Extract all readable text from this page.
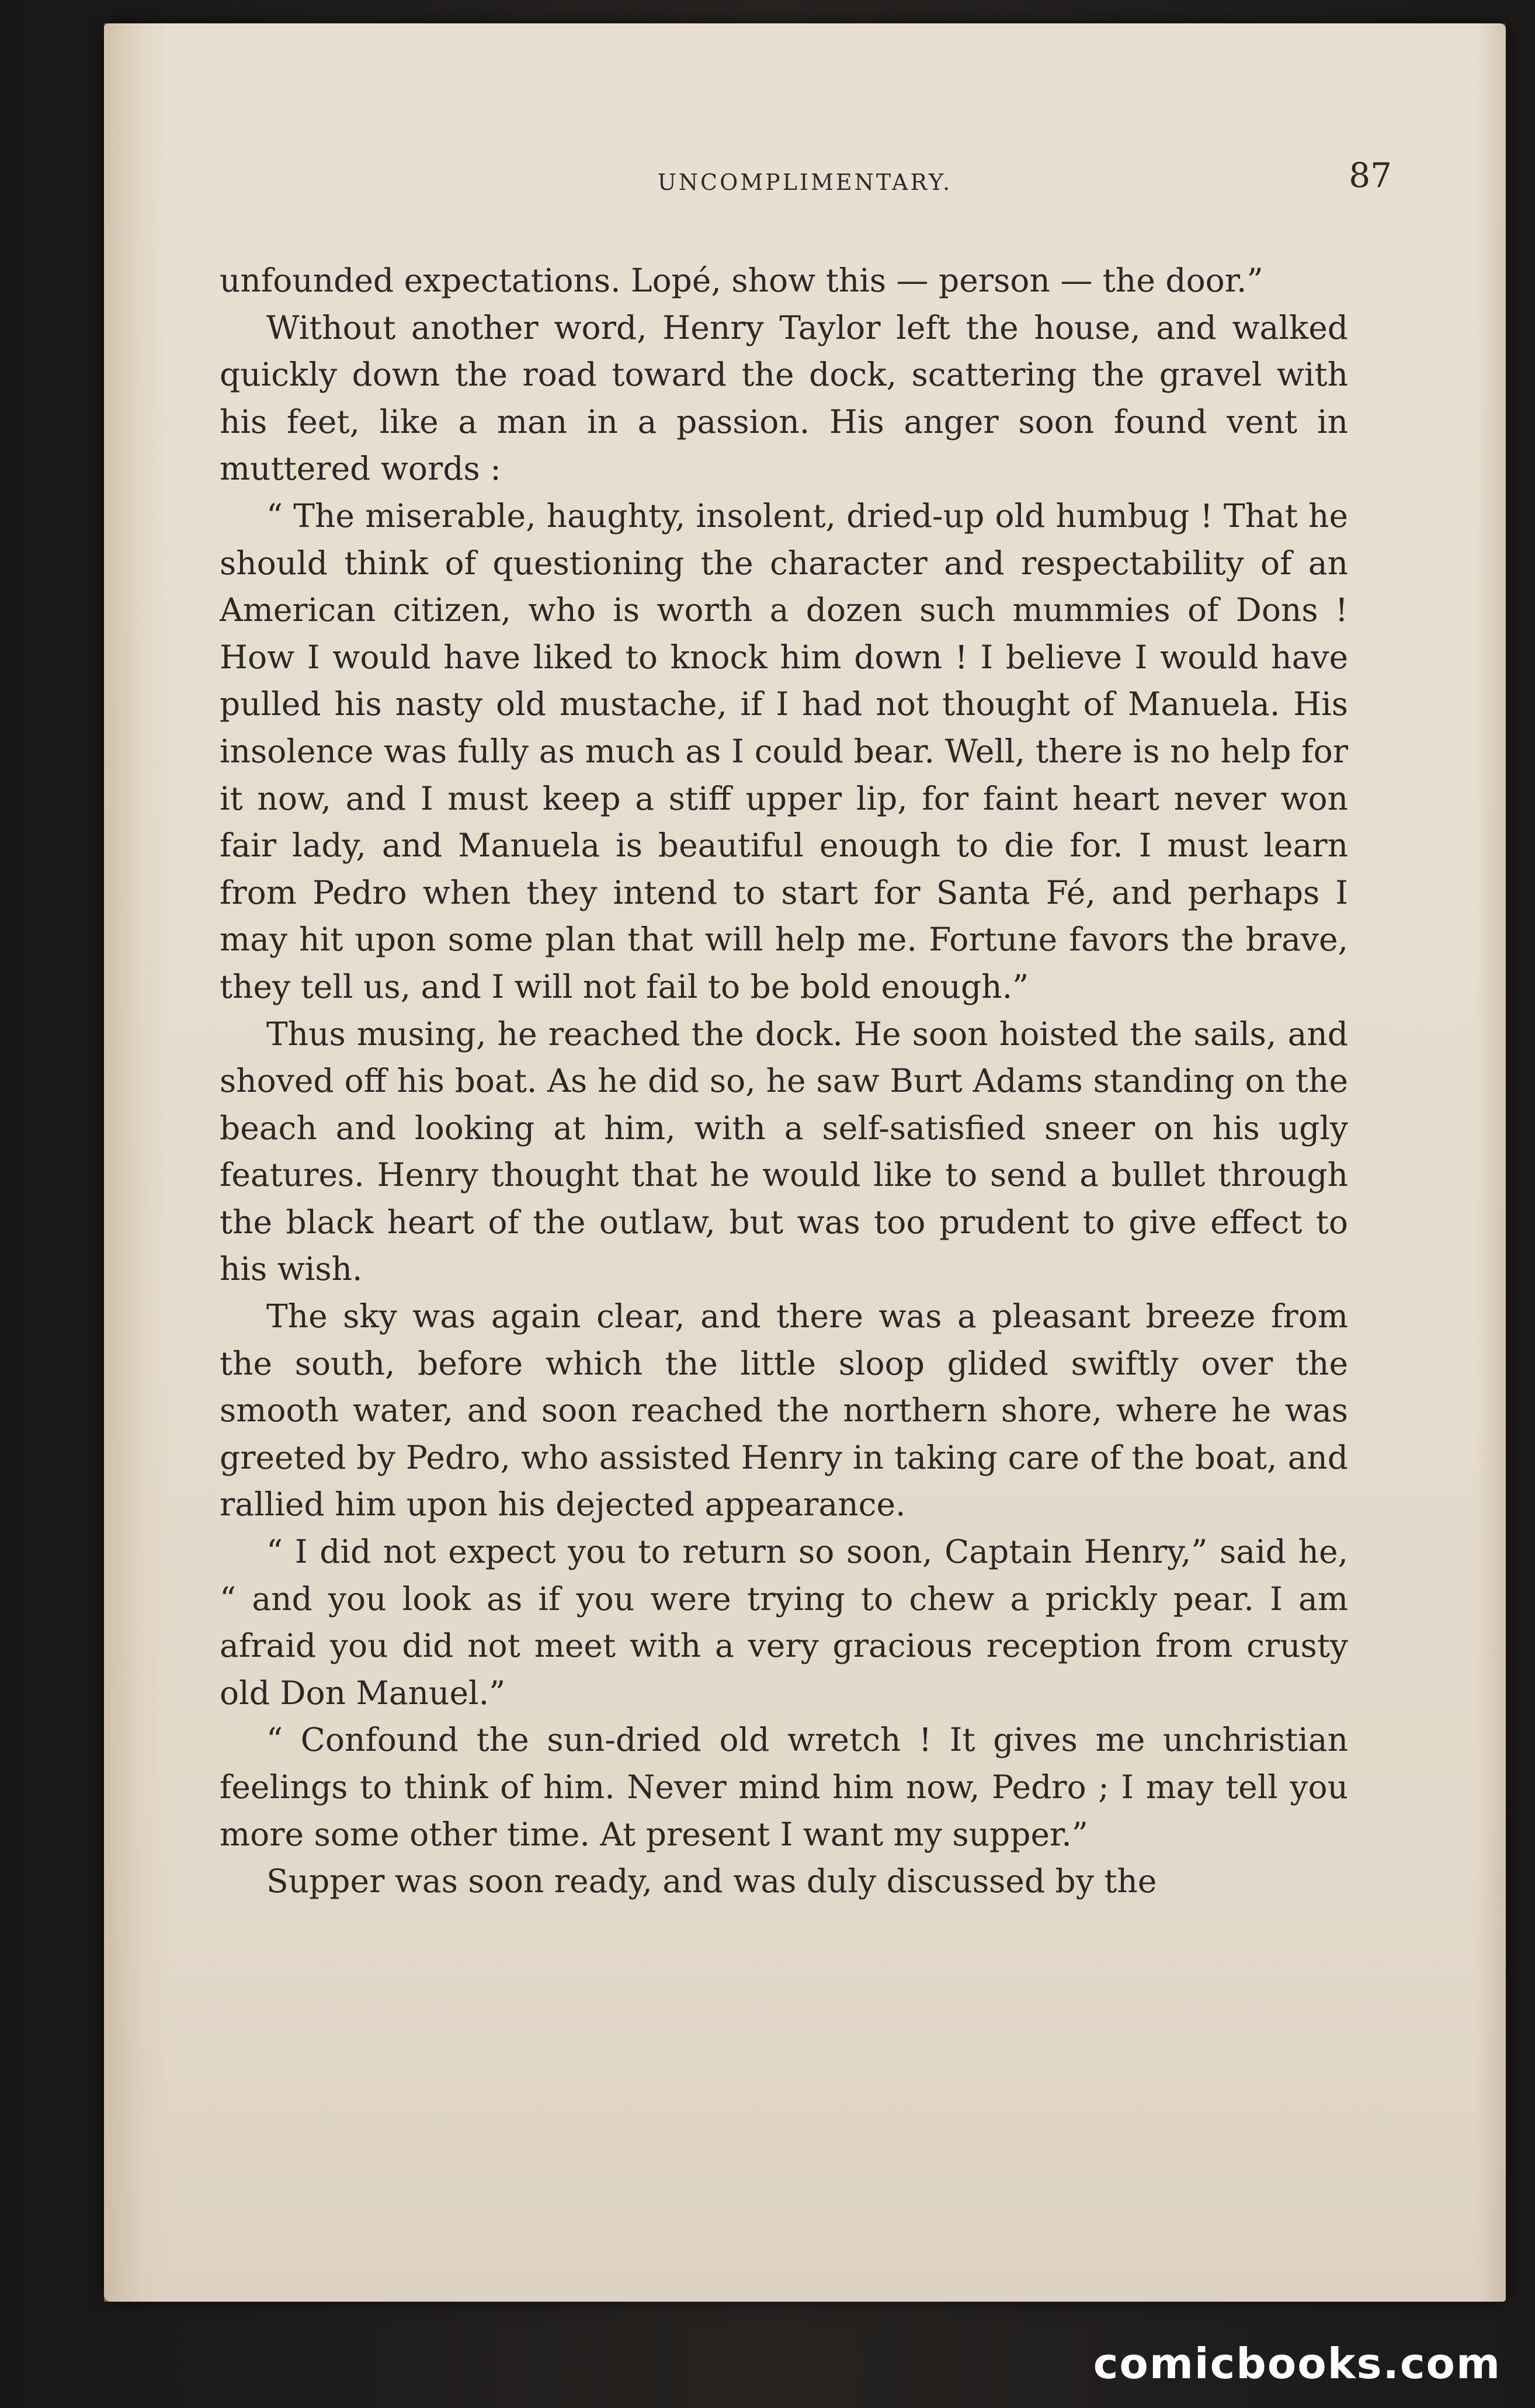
UNCOMPLIMENTARY.	87

unfounded expectations. Lopé, show this — person — the door.”

Without another word, Henry Taylor left the house, and walked quickly down the road toward the dock, scattering the gravel with his feet, like a man in a passion. His anger soon found vent in muttered words :

“ The miserable, haughty, insolent, dried-up old humbug ! That he should think of questioning the character and respectability of an American citizen, who is worth a dozen such mummies of Dons ! How I would have liked to knock him down ! I believe I would have pulled his nasty old mustache, if I had not thought of Manuela. His insolence was fully as much as I could bear. Well, there is no help for it now, and I must keep a stiff upper lip, for faint heart never won fair lady, and Manuela is beautiful enough to die for. I must learn from Pedro when they intend to start for Santa Fé, and perhaps I may hit upon some plan that will help me. Fortune favors the brave, they tell us, and I will not fail to be bold enough.”

Thus musing, he reached the dock. He soon hoisted the sails, and shoved off his boat. As he did so, he saw Burt Adams standing on the beach and looking at him, with a self-satisfied sneer on his ugly features. Henry thought that he would like to send a bullet through the black heart of the outlaw, but was too prudent to give effect to his wish.

The sky was again clear, and there was a pleasant breeze from the south, before which the little sloop glided swiftly over the smooth water, and soon reached the northern shore, where he was greeted by Pedro, who assisted Henry in taking care of the boat, and rallied him upon his dejected appearance.

“ I did not expect you to return so soon, Captain Henry,” said he, “ and you look as if you were trying to chew a prickly pear. I am afraid you did not meet with a very gracious reception from crusty old Don Manuel.”

“ Confound the sun-dried old wretch ! It gives me unchristian feelings to think of him. Never mind him now, Pedro ; I may tell you more some other time. At present I want my supper.”

Supper was soon ready, and was duly discussed by the

comicbooks.com
